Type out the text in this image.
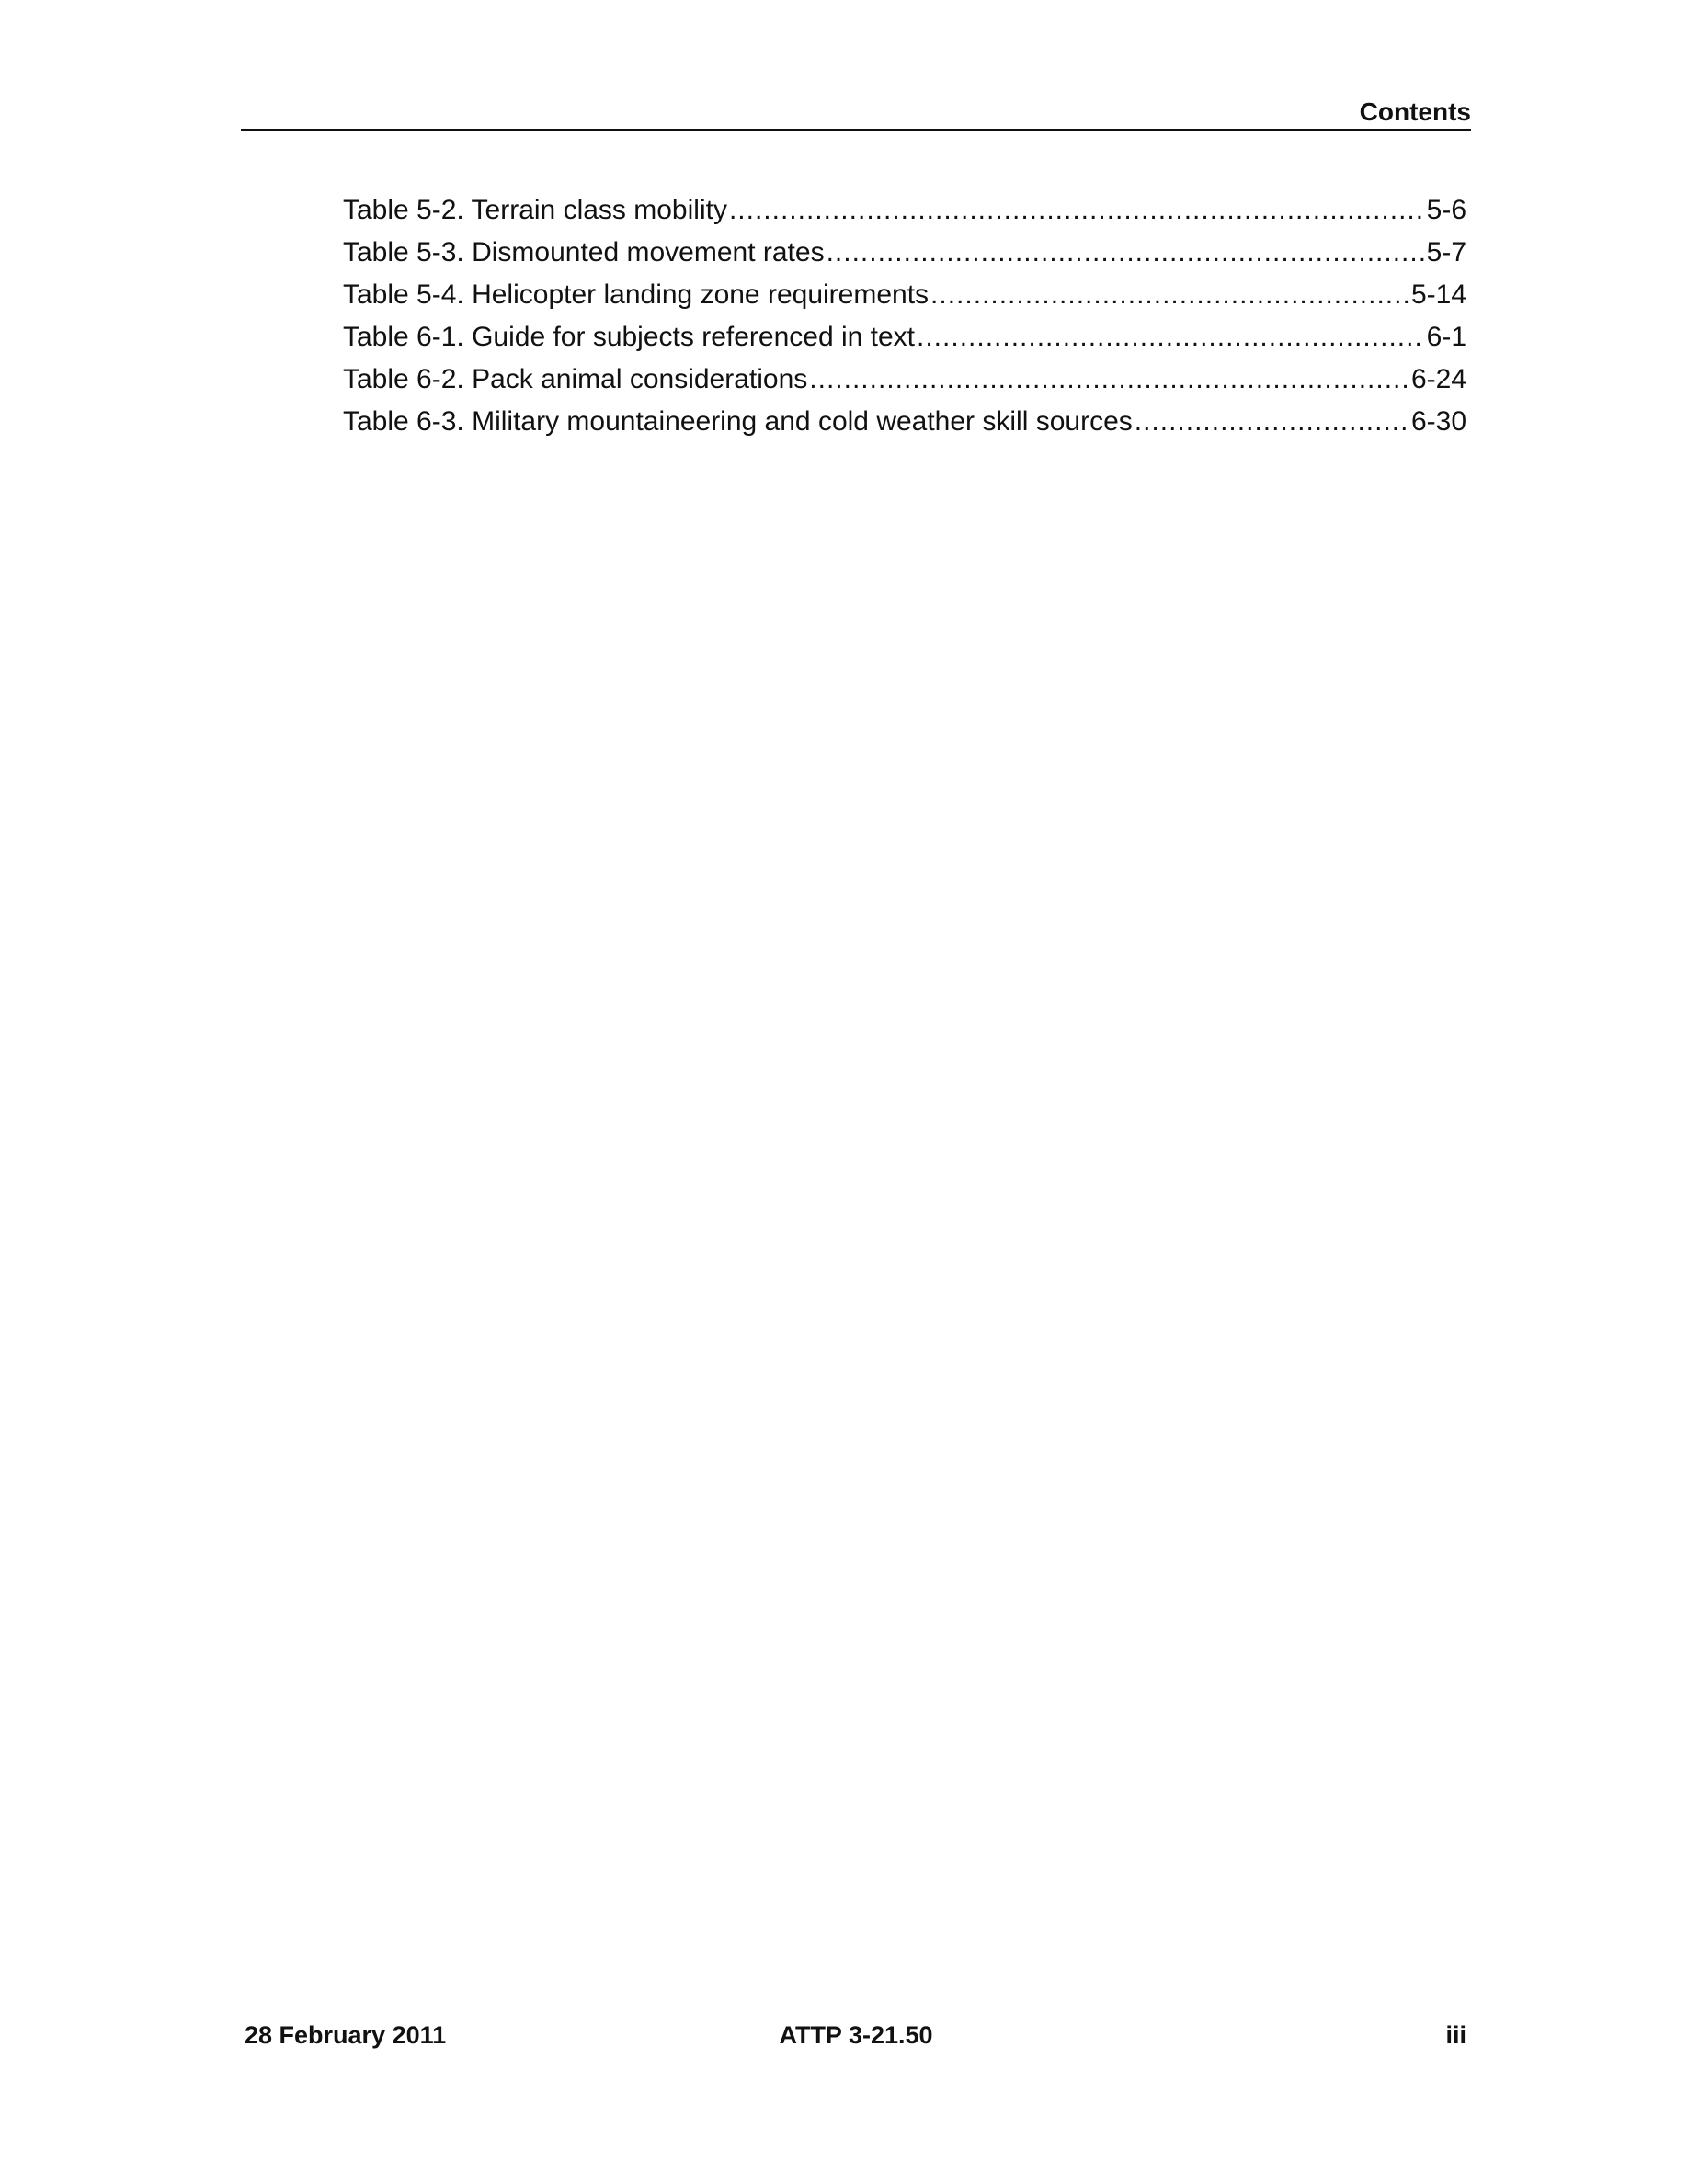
Contents
Table 5-2. Terrain class mobility .....	5-6
Table 5-3. Dismounted movement rates .....	5-7
Table 5-4. Helicopter landing zone requirements .....	5-14
Table 6-1. Guide for subjects referenced in text .....	6-1
Table 6-2. Pack animal considerations .....	6-24
Table 6-3. Military mountaineering and cold weather skill sources .....	6-30
28 February 2011	ATTP 3-21.50	iii
